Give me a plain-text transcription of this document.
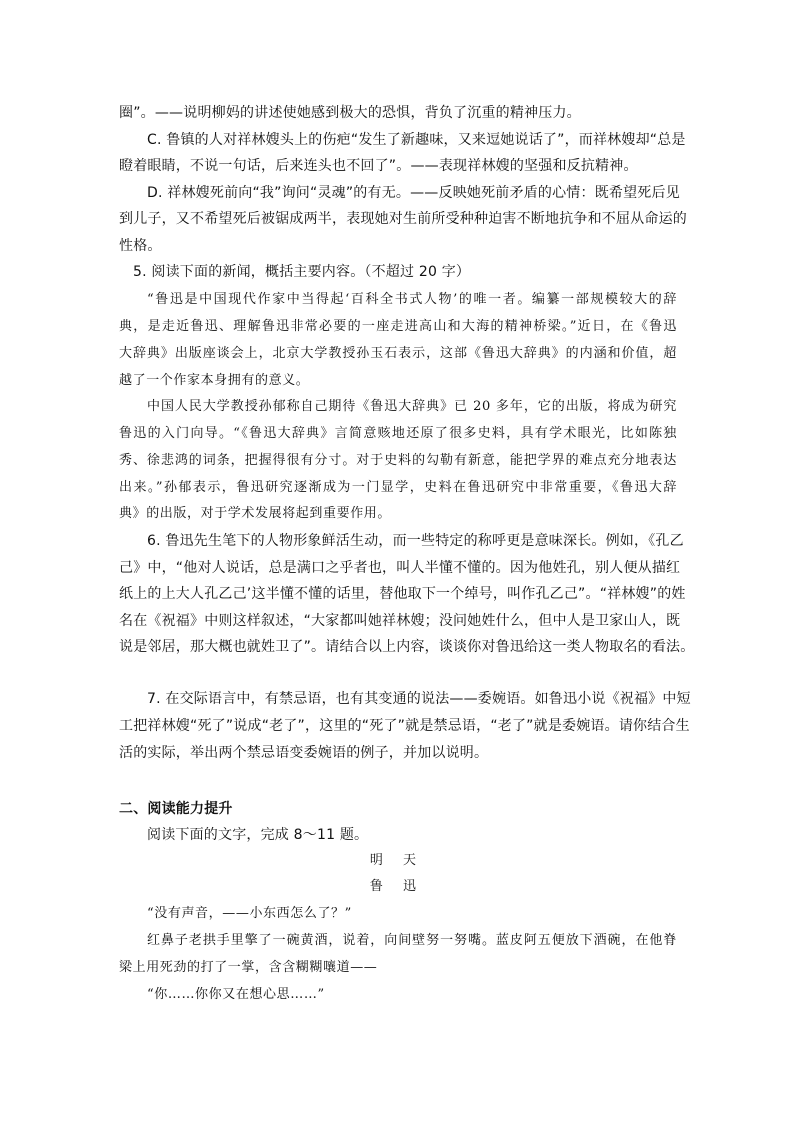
圈”。——说明柳妈的讲述使她感到极大的恐惧，背负了沉重的精神压力。
C. 鲁镇的人对祥林嫂头上的伤疤“发生了新趣味，又来逗她说话了”，而祥林嫂却“总是
瞪着眼睛，不说一句话，后来连头也不回了”。——表现祥林嫂的坚强和反抗精神。
D. 祥林嫂死前向“我”询问“灵魂”的有无。——反映她死前矛盾的心情：既希望死后见
到儿子，又不希望死后被锯成两半，表现她对生前所受种种迫害不断地抗争和不屈从命运的
性格。
5. 阅读下面的新闻，概括主要内容。（不超过 20 字）
“鲁迅是中国现代作家中当得起‘百科全书式人物’的唯一者。编纂一部规模较大的辞
典，是走近鲁迅、理解鲁迅非常必要的一座走进高山和大海的精神桥梁。”近日，在《鲁迅
大辞典》出版座谈会上，北京大学教授孙玉石表示，这部《鲁迅大辞典》的内涵和价值，超
越了一个作家本身拥有的意义。
中国人民大学教授孙郁称自己期待《鲁迅大辞典》已 20 多年，它的出版，将成为研究
鲁迅的入门向导。“《鲁迅大辞典》言简意赅地还原了很多史料，具有学术眼光，比如陈独
秀、徐悲鸿的词条，把握得很有分寸。对于史料的勾勒有新意，能把学界的难点充分地表达
出来。”孙郁表示，鲁迅研究逐渐成为一门显学，史料在鲁迅研究中非常重要，《鲁迅大辞
典》的出版，对于学术发展将起到重要作用。
6. 鲁迅先生笔下的人物形象鲜活生动，而一些特定的称呼更是意味深长。例如，《孔乙
己》中，“他对人说话，总是满口之乎者也，叫人半懂不懂的。因为他姓孔，别人便从描红
纸上的上大人孔乙己’这半懂不懂的话里，替他取下一个绰号，叫作孔乙己”。“祥林嫂”的姓
名在《祝福》中则这样叙述，“大家都叫她祥林嫂；没问她姓什么，但中人是卫家山人，既
说是邻居，那大概也就姓卫了”。请结合以上内容，谈谈你对鲁迅给这一类人物取名的看法。
7. 在交际语言中，有禁忌语，也有其变通的说法——委婉语。如鲁迅小说《祝福》中短
工把祥林嫂“死了”说成“老了”，这里的“死了”就是禁忌语，“老了”就是委婉语。请你结合生
活的实际，举出两个禁忌语变委婉语的例子，并加以说明。
二、阅读能力提升
阅读下面的文字，完成 8～11 题。
明 天
鲁 迅
“没有声音，——小东西怎么了？”
红鼻子老拱手里擎了一碗黄酒，说着，向间壁努一努嘴。蓝皮阿五便放下酒碗，在他脊
梁上用死劲的打了一掌，含含糊糊嚷道——
“你……你你又在想心思……”
